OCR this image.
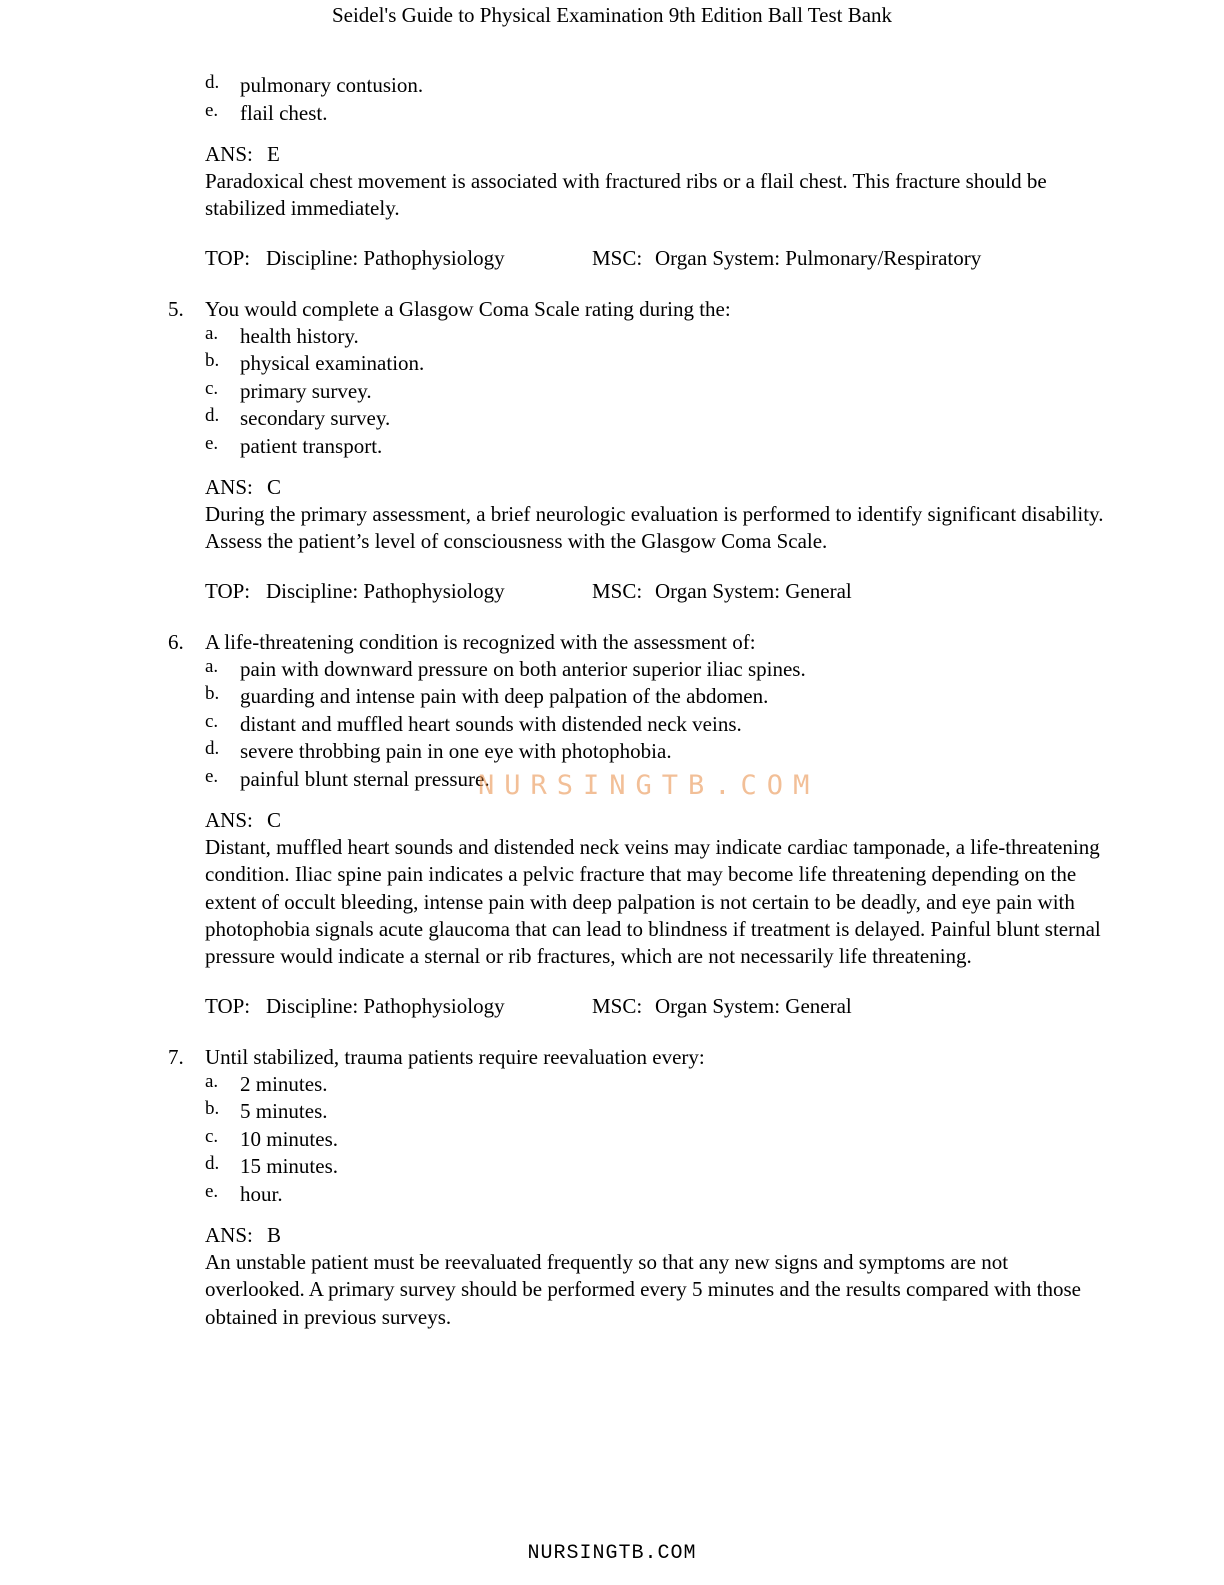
Seidel's Guide to Physical Examination 9th Edition Ball Test Bank
d. pulmonary contusion.
e. flail chest.
ANS: E
Paradoxical chest movement is associated with fractured ribs or a flail chest. This fracture should be stabilized immediately.
TOP: Discipline: Pathophysiology	MSC: Organ System: Pulmonary/Respiratory
5. You would complete a Glasgow Coma Scale rating during the:
a. health history.
b. physical examination.
c. primary survey.
d. secondary survey.
e. patient transport.
ANS: C
During the primary assessment, a brief neurologic evaluation is performed to identify significant disability. Assess the patient’s level of consciousness with the Glasgow Coma Scale.
TOP: Discipline: Pathophysiology	MSC: Organ System: General
6. A life-threatening condition is recognized with the assessment of:
a. pain with downward pressure on both anterior superior iliac spines.
b. guarding and intense pain with deep palpation of the abdomen.
c. distant and muffled heart sounds with distended neck veins.
d. severe throbbing pain in one eye with photophobia.
e. painful blunt sternal pressure.
ANS: C
Distant, muffled heart sounds and distended neck veins may indicate cardiac tamponade, a life-threatening condition. Iliac spine pain indicates a pelvic fracture that may become life threatening depending on the extent of occult bleeding, intense pain with deep palpation is not certain to be deadly, and eye pain with photophobia signals acute glaucoma that can lead to blindness if treatment is delayed. Painful blunt sternal pressure would indicate a sternal or rib fractures, which are not necessarily life threatening.
TOP: Discipline: Pathophysiology	MSC: Organ System: General
7. Until stabilized, trauma patients require reevaluation every:
a. 2 minutes.
b. 5 minutes.
c. 10 minutes.
d. 15 minutes.
e. hour.
ANS: B
An unstable patient must be reevaluated frequently so that any new signs and symptoms are not overlooked. A primary survey should be performed every 5 minutes and the results compared with those obtained in previous surveys.
NURSINGTB.COM
NURSINGTB.COM
